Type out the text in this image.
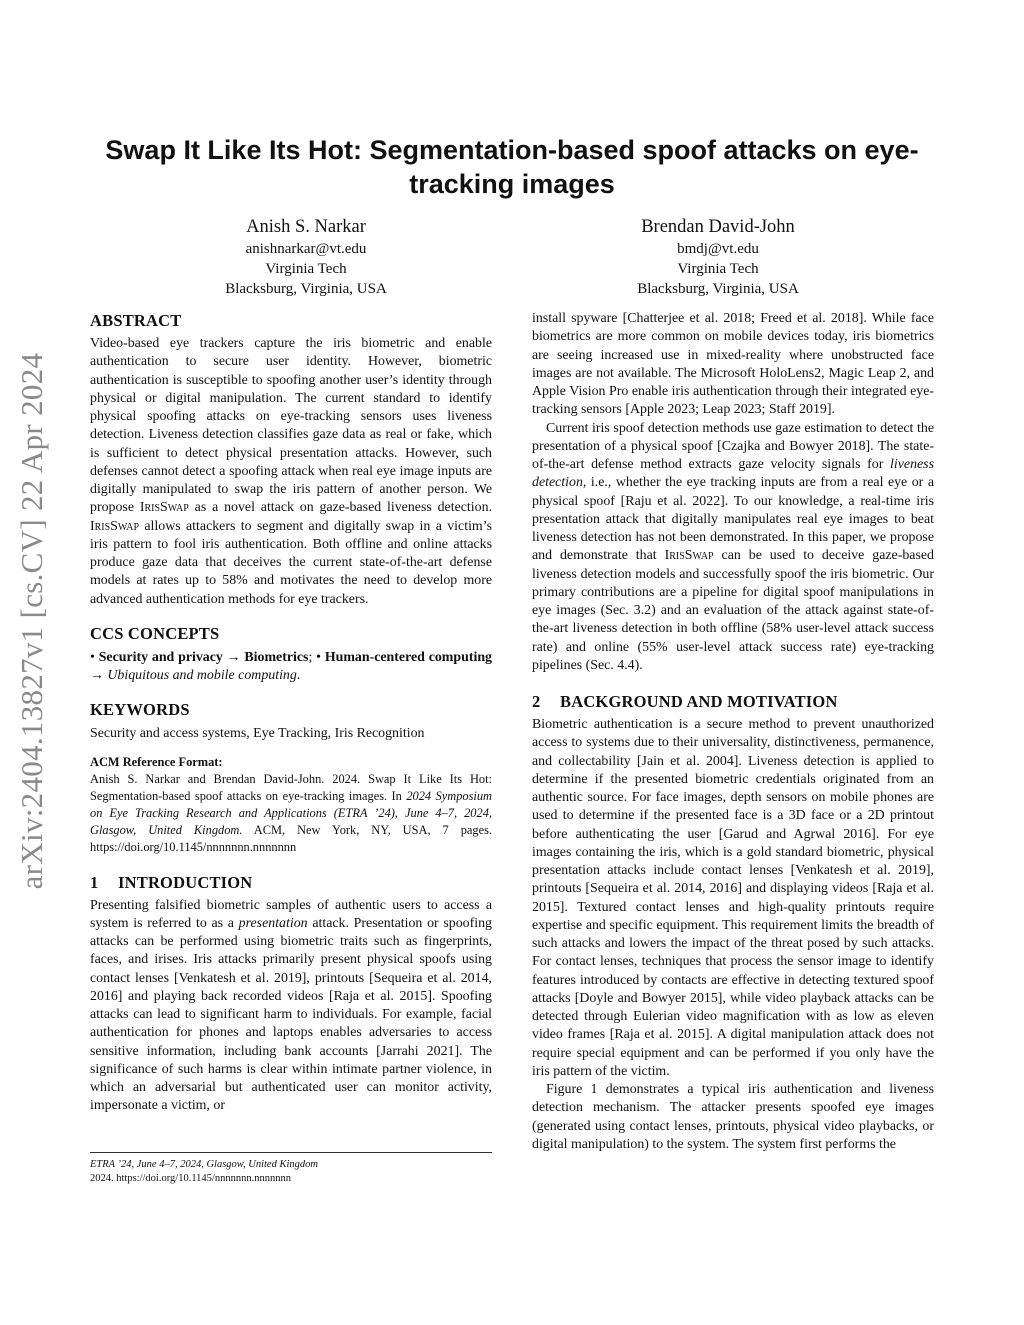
arXiv:2404.13827v1 [cs.CV] 22 Apr 2024
Swap It Like Its Hot: Segmentation-based spoof attacks on eye-tracking images
Anish S. Narkar
anishnarkar@vt.edu
Virginia Tech
Blacksburg, Virginia, USA
Brendan David-John
bmdj@vt.edu
Virginia Tech
Blacksburg, Virginia, USA
ABSTRACT

Video-based eye trackers capture the iris biometric and enable authentication to secure user identity. However, biometric authentication is susceptible to spoofing another user’s identity through physical or digital manipulation. The current standard to identify physical spoofing attacks on eye-tracking sensors uses liveness detection. Liveness detection classifies gaze data as real or fake, which is sufficient to detect physical presentation attacks. However, such defenses cannot detect a spoofing attack when real eye image inputs are digitally manipulated to swap the iris pattern of another person. We propose IrisSwap as a novel attack on gaze-based liveness detection. IrisSwap allows attackers to segment and digitally swap in a victim’s iris pattern to fool iris authentication. Both offline and online attacks produce gaze data that deceives the current state-of-the-art defense models at rates up to 58% and motivates the need to develop more advanced authentication methods for eye trackers.

CCS CONCEPTS

• Security and privacy → Biometrics; • Human-centered computing → Ubiquitous and mobile computing.

KEYWORDS

Security and access systems, Eye Tracking, Iris Recognition

ACM Reference Format:

Anish S. Narkar and Brendan David-John. 2024. Swap It Like Its Hot: Segmentation-based spoof attacks on eye-tracking images. In 2024 Symposium on Eye Tracking Research and Applications (ETRA ’24), June 4–7, 2024, Glasgow, United Kingdom. ACM, New York, NY, USA, 7 pages. https://doi.org/10.1145/nnnnnnn.nnnnnnn

1 INTRODUCTION

Presenting falsified biometric samples of authentic users to access a system is referred to as a presentation attack. Presentation or spoofing attacks can be performed using biometric traits such as fingerprints, faces, and irises. Iris attacks primarily present physical spoofs using contact lenses [Venkatesh et al. 2019], printouts [Sequeira et al. 2014, 2016] and playing back recorded videos [Raja et al. 2015]. Spoofing attacks can lead to significant harm to individuals. For example, facial authentication for phones and laptops enables adversaries to access sensitive information, including bank accounts [Jarrahi 2021]. The significance of such harms is clear within intimate partner violence, in which an adversarial but authenticated user can monitor activity, impersonate a victim, or

ETRA ’24, June 4–7, 2024, Glasgow, United Kingdom
2024. https://doi.org/10.1145/nnnnnnn.nnnnnnn

install spyware [Chatterjee et al. 2018; Freed et al. 2018]. While face biometrics are more common on mobile devices today, iris biometrics are seeing increased use in mixed-reality where unobstructed face images are not available. The Microsoft HoloLens2, Magic Leap 2, and Apple Vision Pro enable iris authentication through their integrated eye-tracking sensors [Apple 2023; Leap 2023; Staff 2019].

Current iris spoof detection methods use gaze estimation to detect the presentation of a physical spoof [Czajka and Bowyer 2018]. The state-of-the-art defense method extracts gaze velocity signals for liveness detection, i.e., whether the eye tracking inputs are from a real eye or a physical spoof [Raju et al. 2022]. To our knowledge, a real-time iris presentation attack that digitally manipulates real eye images to beat liveness detection has not been demonstrated. In this paper, we propose and demonstrate that IrisSwap can be used to deceive gaze-based liveness detection models and successfully spoof the iris biometric. Our primary contributions are a pipeline for digital spoof manipulations in eye images (Sec. 3.2) and an evaluation of the attack against state-of-the-art liveness detection in both offline (58% user-level attack success rate) and online (55% user-level attack success rate) eye-tracking pipelines (Sec. 4.4).

2 BACKGROUND AND MOTIVATION

Biometric authentication is a secure method to prevent unauthorized access to systems due to their universality, distinctiveness, permanence, and collectability [Jain et al. 2004]. Liveness detection is applied to determine if the presented biometric credentials originated from an authentic source. For face images, depth sensors on mobile phones are used to determine if the presented face is a 3D face or a 2D printout before authenticating the user [Garud and Agrwal 2016]. For eye images containing the iris, which is a gold standard biometric, physical presentation attacks include contact lenses [Venkatesh et al. 2019], printouts [Sequeira et al. 2014, 2016] and displaying videos [Raja et al. 2015]. Textured contact lenses and high-quality printouts require expertise and specific equipment. This requirement limits the breadth of such attacks and lowers the impact of the threat posed by such attacks. For contact lenses, techniques that process the sensor image to identify features introduced by contacts are effective in detecting textured spoof attacks [Doyle and Bowyer 2015], while video playback attacks can be detected through Eulerian video magnification with as low as eleven video frames [Raja et al. 2015]. A digital manipulation attack does not require special equipment and can be performed if you only have the iris pattern of the victim.

Figure 1 demonstrates a typical iris authentication and liveness detection mechanism. The attacker presents spoofed eye images (generated using contact lenses, printouts, physical video playbacks, or digital manipulation) to the system. The system first performs the
